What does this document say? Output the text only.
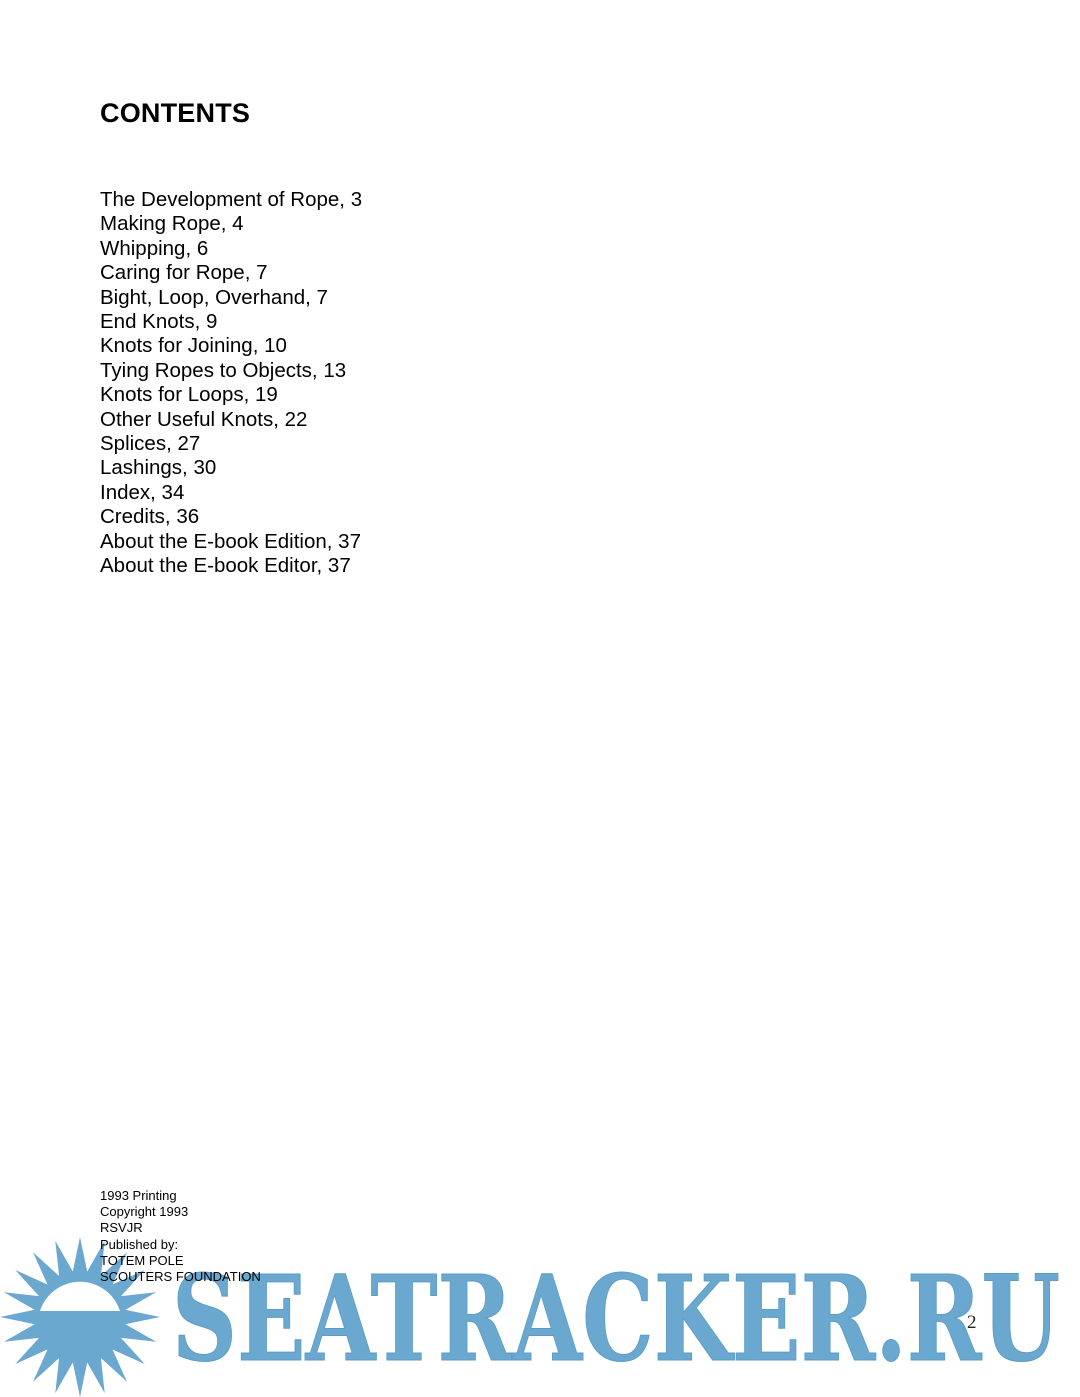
CONTENTS
The Development of Rope, 3
Making Rope, 4
Whipping, 6
Caring for Rope, 7
Bight, Loop, Overhand, 7
End Knots, 9
Knots for Joining, 10
Tying Ropes to Objects, 13
Knots for Loops, 19
Other Useful Knots, 22
Splices, 27
Lashings, 30
Index, 34
Credits, 36
About the E-book Edition, 37
About the E-book Editor, 37
SEATRACKER.RU
1993 Printing
Copyright 1993
RSVJR
Published by:
TOTEM POLE
SCOUTERS FOUNDATION
2
